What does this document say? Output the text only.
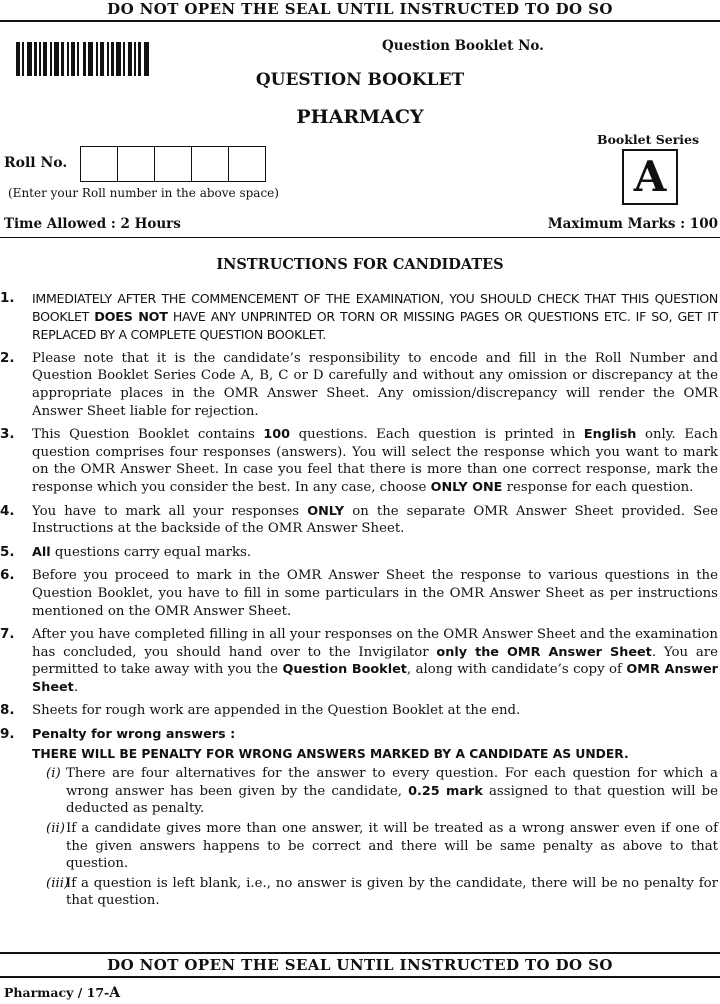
DO NOT OPEN THE SEAL UNTIL INSTRUCTED TO DO SO
Question Booklet No.
QUESTION BOOKLET
PHARMACY
Booklet Series
A
Roll No.
(Enter your Roll number in the above space)
Time Allowed : 2 Hours	Maximum Marks : 100
INSTRUCTIONS FOR CANDIDATES
1.	IMMEDIATELY AFTER THE COMMENCEMENT OF THE EXAMINATION, YOU SHOULD CHECK THAT THIS QUESTION BOOKLET DOES NOT HAVE ANY UNPRINTED OR TORN OR MISSING PAGES OR QUESTIONS ETC. IF SO, GET IT REPLACED BY A COMPLETE QUESTION BOOKLET.
2.	Please note that it is the candidate’s responsibility to encode and fill in the Roll Number and Question Booklet Series Code A, B, C or D carefully and without any omission or discrepancy at the appropriate places in the OMR Answer Sheet. Any omission/discrepancy will render the OMR Answer Sheet liable for rejection.
3.	This Question Booklet contains 100 questions. Each question is printed in English only. Each question comprises four responses (answers). You will select the response which you want to mark on the OMR Answer Sheet. In case you feel that there is more than one correct response, mark the response which you consider the best. In any case, choose ONLY ONE response for each question.
4.	You have to mark all your responses ONLY on the separate OMR Answer Sheet provided. See Instructions at the backside of the OMR Answer Sheet.
5.	All questions carry equal marks.
6.	Before you proceed to mark in the OMR Answer Sheet the response to various questions in the Question Booklet, you have to fill in some particulars in the OMR Answer Sheet as per instructions mentioned on the OMR Answer Sheet.
7.	After you have completed filling in all your responses on the OMR Answer Sheet and the examination has concluded, you should hand over to the Invigilator only the OMR Answer Sheet. You are permitted to take away with you the Question Booklet, along with candidate’s copy of OMR Answer Sheet.
8.	Sheets for rough work are appended in the Question Booklet at the end.
9.	Penalty for wrong answers :
THERE WILL BE PENALTY FOR WRONG ANSWERS MARKED BY A CANDIDATE AS UNDER.
(i) There are four alternatives for the answer to every question. For each question for which a wrong answer has been given by the candidate, 0.25 mark assigned to that question will be deducted as penalty.
(ii) If a candidate gives more than one answer, it will be treated as a wrong answer even if one of the given answers happens to be correct and there will be same penalty as above to that question.
(iii)
If a question is left blank, i.e., no answer is given by the candidate, there will be no penalty for that question.
DO NOT OPEN THE SEAL UNTIL INSTRUCTED TO DO SO
Pharmacy / 17-A
